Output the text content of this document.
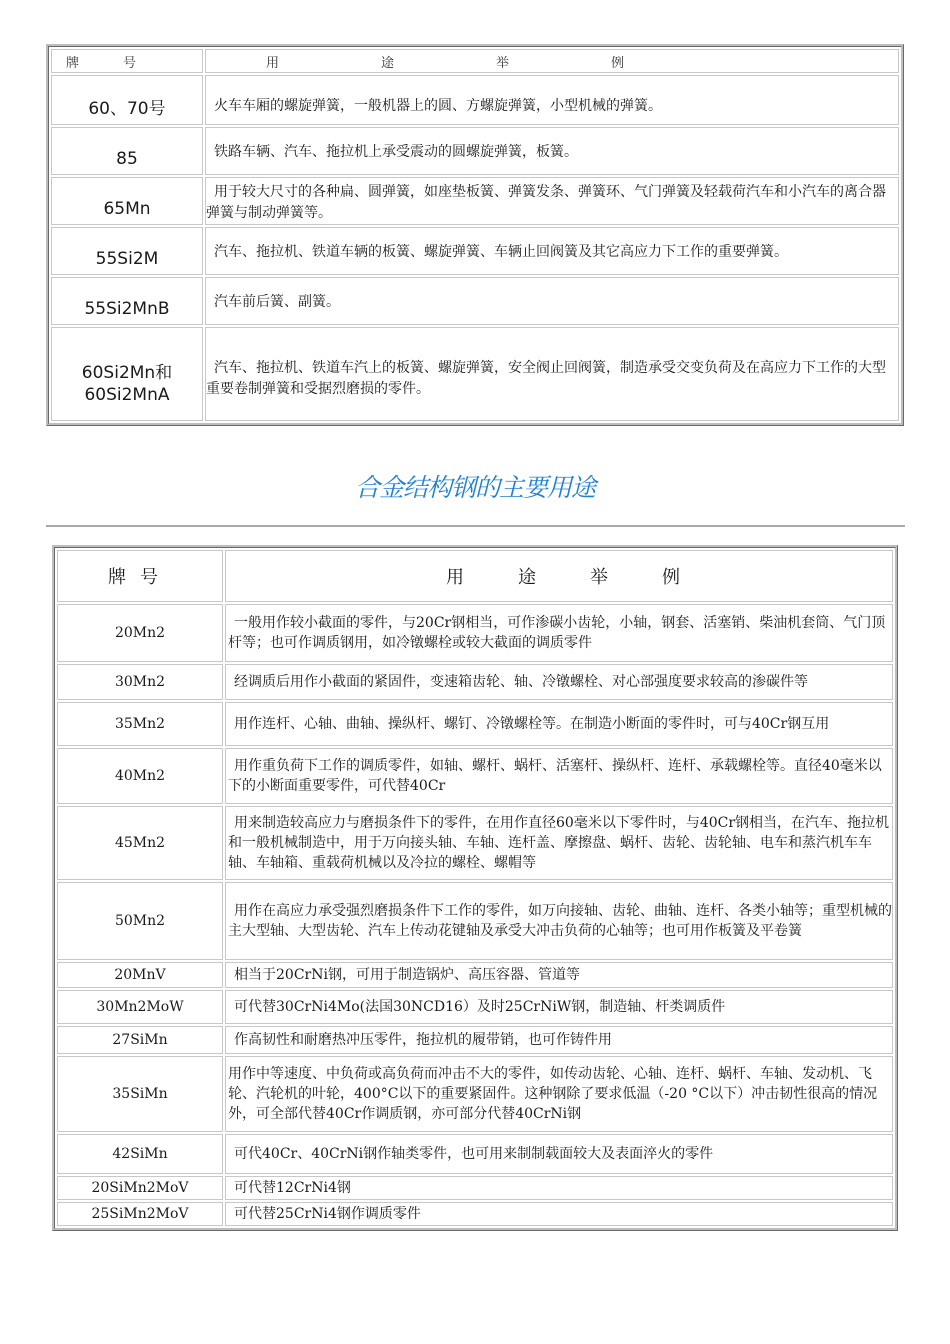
牌号	用 途 举 例
60、70号	火车车厢的螺旋弹簧，一般机器上的圆、方螺旋弹簧，小型机械的弹簧。
85	铁路车辆、汽车、拖拉机上承受震动的圆螺旋弹簧，板簧。
65Mn	用于较大尺寸的各种扁、圆弹簧，如座垫板簧、弹簧发条、弹簧环、气门弹簧及轻载荷汽车和小汽车的离合器弹簧与制动弹簧等。
55Si2M	汽车、拖拉机、铁道车辆的板簧、螺旋弹簧、车辆止回阀簧及其它高应力下工作的重要弹簧。
55Si2MnB	汽车前后簧、副簧。
60Si2Mn和60Si2MnA	汽车、拖拉机、铁道车汽上的板簧、螺旋弹簧，安全阀止回阀簧，制造承受交变负荷及在高应力下工作的大型重要卷制弹簧和受据烈磨损的零件。
合金结构钢的主要用途
牌号	用 途 举 例
20Mn2	一般用作较小截面的零件，与20Cr钢相当，可作渗碳小齿轮，小轴，钢套、活塞销、柴油机套筒、气门顶杆等；也可作调质钢用，如冷镦螺栓或较大截面的调质零件
30Mn2	经调质后用作小截面的紧固件，变速箱齿轮、轴、冷镦螺栓、对心部强度要求较高的渗碳件等
35Mn2	用作连杆、心轴、曲轴、操纵杆、螺钉、冷镦螺栓等。在制造小断面的零件时，可与40Cr钢互用
40Mn2	用作重负荷下工作的调质零件，如轴、螺杆、蜗杆、活塞杆、操纵杆、连杆、承载螺栓等。直径40毫米以下的小断面重要零件，可代替40Cr
45Mn2	用来制造较高应力与磨损条件下的零件，在用作直径60毫米以下零件时，与40Cr钢相当，在汽车、拖拉机和一般机械制造中，用于万向接头轴、车轴、连杆盖、摩擦盘、蜗杆、齿轮、齿轮轴、电车和蒸汽机车车轴、车轴箱、重载荷机械以及冷拉的螺栓、螺帽等
50Mn2	用作在高应力承受强烈磨损条件下工作的零件，如万向接轴、齿轮、曲轴、连杆、各类小轴等；重型机械的主大型轴、大型齿轮、汽车上传动花键轴及承受大冲击负荷的心轴等；也可用作板簧及平卷簧
20MnV	相当于20CrNi钢，可用于制造锅炉、高压容器、管道等
30Mn2MoW	可代替30CrNi4Mo(法国30NCD16）及时25CrNiW钢，制造轴、杆类调质件
27SiMn	作高韧性和耐磨热冲压零件，拖拉机的履带销，也可作铸件用
35SiMn	用作中等速度、中负荷或高负荷而冲击不大的零件，如传动齿轮、心轴、连杆、蜗杆、车轴、发动机、飞轮、汽轮机的叶轮，400°C以下的重要紧固件。这种钢除了要求低温（-20 °C以下）冲击韧性很高的情况外，可全部代替40Cr作调质钢，亦可部分代替40CrNi钢
42SiMn	可代40Cr、40CrNi钢作轴类零件，也可用来制制载面较大及表面淬火的零件
20SiMn2MoV	可代替12CrNi4钢
25SiMn2MoV	可代替25CrNi4钢作调质零件
